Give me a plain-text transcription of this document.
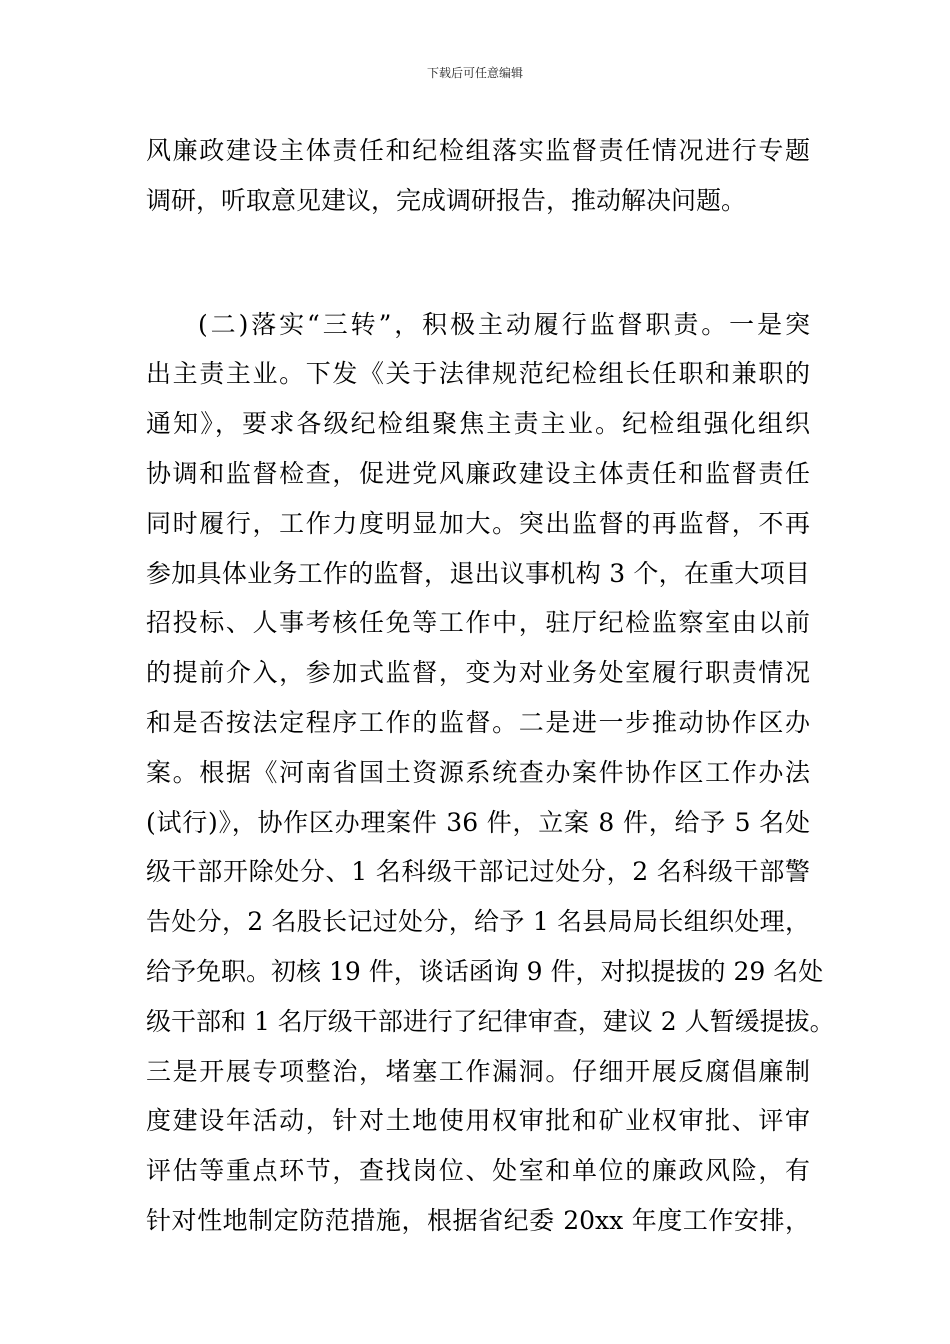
下载后可任意编辑
风廉政建设主体责任和纪检组落实监督责任情况进行专题
调研，听取意见建议，完成调研报告，推动解决问题。
(二)落实“三转”，积极主动履行监督职责。一是突
出主责主业。下发《关于法律规范纪检组长任职和兼职的
通知》，要求各级纪检组聚焦主责主业。纪检组强化组织
协调和监督检查，促进党风廉政建设主体责任和监督责任
同时履行，工作力度明显加大。突出监督的再监督，不再
参加具体业务工作的监督，退出议事机构 3 个，在重大项目
招投标、人事考核任免等工作中，驻厅纪检监察室由以前
的提前介入，参加式监督，变为对业务处室履行职责情况
和是否按法定程序工作的监督。二是进一步推动协作区办
案。根据《河南省国土资源系统查办案件协作区工作办法
(试行)》，协作区办理案件 36 件，立案 8 件，给予 5 名处
级干部开除处分、1 名科级干部记过处分，2 名科级干部警
告处分，2 名股长记过处分，给予 1 名县局局长组织处理，
给予免职。初核 19 件，谈话函询 9 件，对拟提拔的 29 名处
级干部和 1 名厅级干部进行了纪律审查，建议 2 人暂缓提拔。
三是开展专项整治，堵塞工作漏洞。仔细开展反腐倡廉制
度建设年活动，针对土地使用权审批和矿业权审批、评审
评估等重点环节，查找岗位、处室和单位的廉政风险，有
针对性地制定防范措施，根据省纪委 20xx 年度工作安排，
